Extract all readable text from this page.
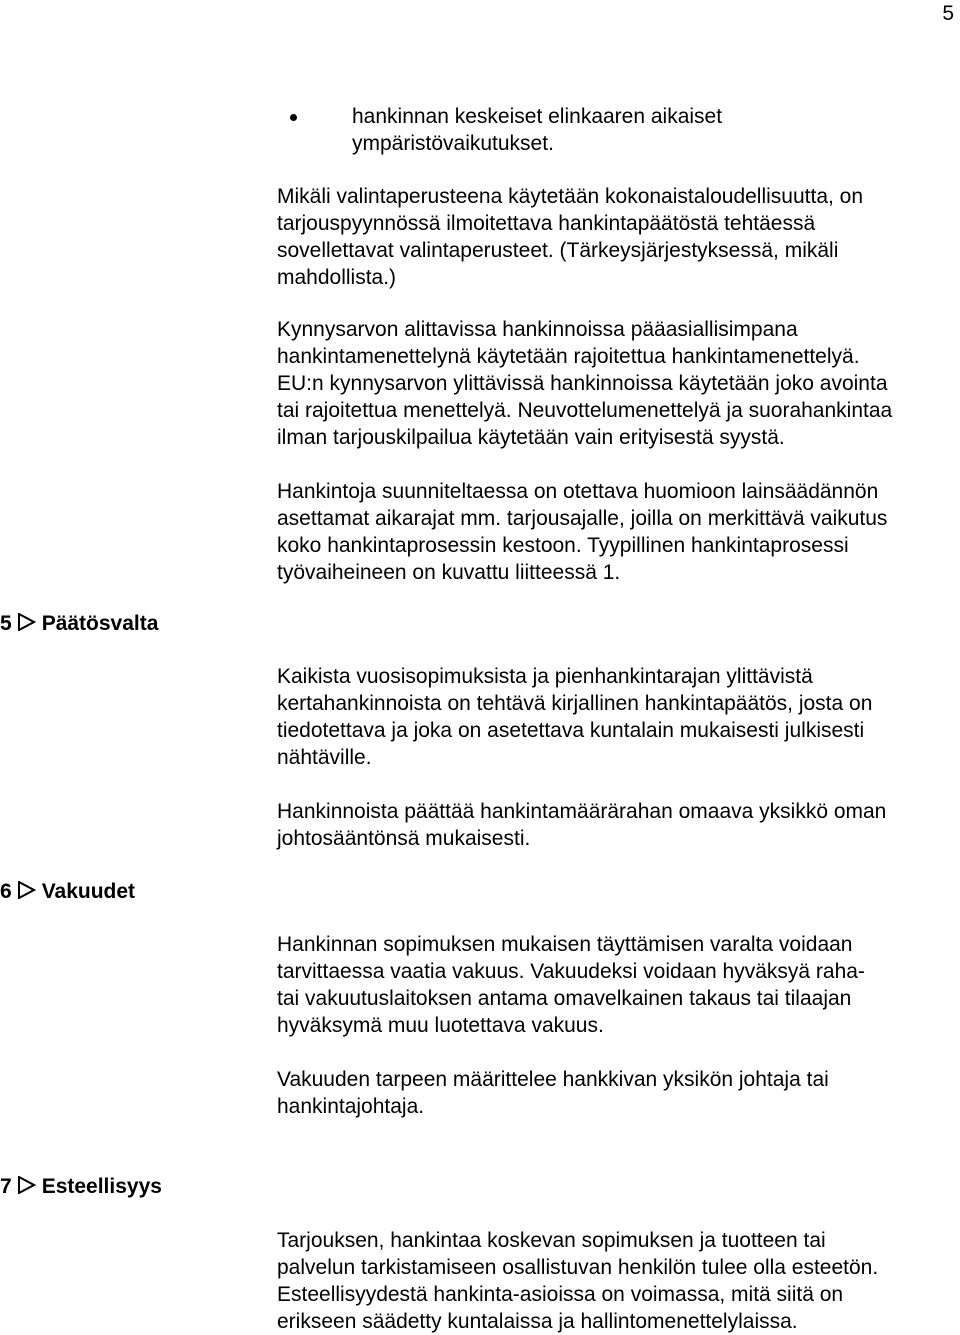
5
hankinnan keskeiset elinkaaren aikaiset
ympäristövaikutukset.
Mikäli valintaperusteena käytetään kokonaistaloudellisuutta, on
tarjouspyynnössä ilmoitettava hankintapäätöstä tehtäessä
sovellettavat valintaperusteet. (Tärkeysjärjestyksessä, mikäli
mahdollista.)
Kynnysarvon alittavissa hankinnoissa pääasiallisimpana
hankintamenettelynä käytetään rajoitettua hankintamenettelyä.
EU:n kynnysarvon ylittävissä hankinnoissa käytetään joko avointa
tai rajoitettua menettelyä. Neuvottelumenettelyä ja suorahankintaa
ilman tarjouskilpailua käytetään vain erityisestä syystä.
Hankintoja suunniteltaessa on otettava huomioon lainsäädännön
asettamat aikarajat mm. tarjousajalle, joilla on merkittävä vaikutus
koko hankintaprosessin kestoon. Tyypillinen hankintaprosessi
työvaiheineen on kuvattu liitteessä 1.
5 Päätösvalta
Kaikista vuosisopimuksista ja pienhankintarajan ylittävistä
kertahankinnoista on tehtävä kirjallinen hankintapäätös, josta on
tiedotettava ja joka on asetettava kuntalain mukaisesti julkisesti
nähtäville.
Hankinnoista päättää hankintamäärärahan omaava yksikkö oman
johtosääntönsä mukaisesti.
6 Vakuudet
Hankinnan sopimuksen mukaisen täyttämisen varalta voidaan
tarvittaessa vaatia vakuus. Vakuudeksi voidaan hyväksyä raha-
tai vakuutuslaitoksen antama omavelkainen takaus tai tilaajan
hyväksymä muu luotettava vakuus.
Vakuuden tarpeen määrittelee hankkivan yksikön johtaja tai
hankintajohtaja.
7 Esteellisyys
Tarjouksen, hankintaa koskevan sopimuksen ja tuotteen tai
palvelun tarkistamiseen osallistuvan henkilön tulee olla esteetön.
Esteellisyydestä hankinta-asioissa on voimassa, mitä siitä on
erikseen säädetty kuntalaissa ja hallintomenettelylaissa.
